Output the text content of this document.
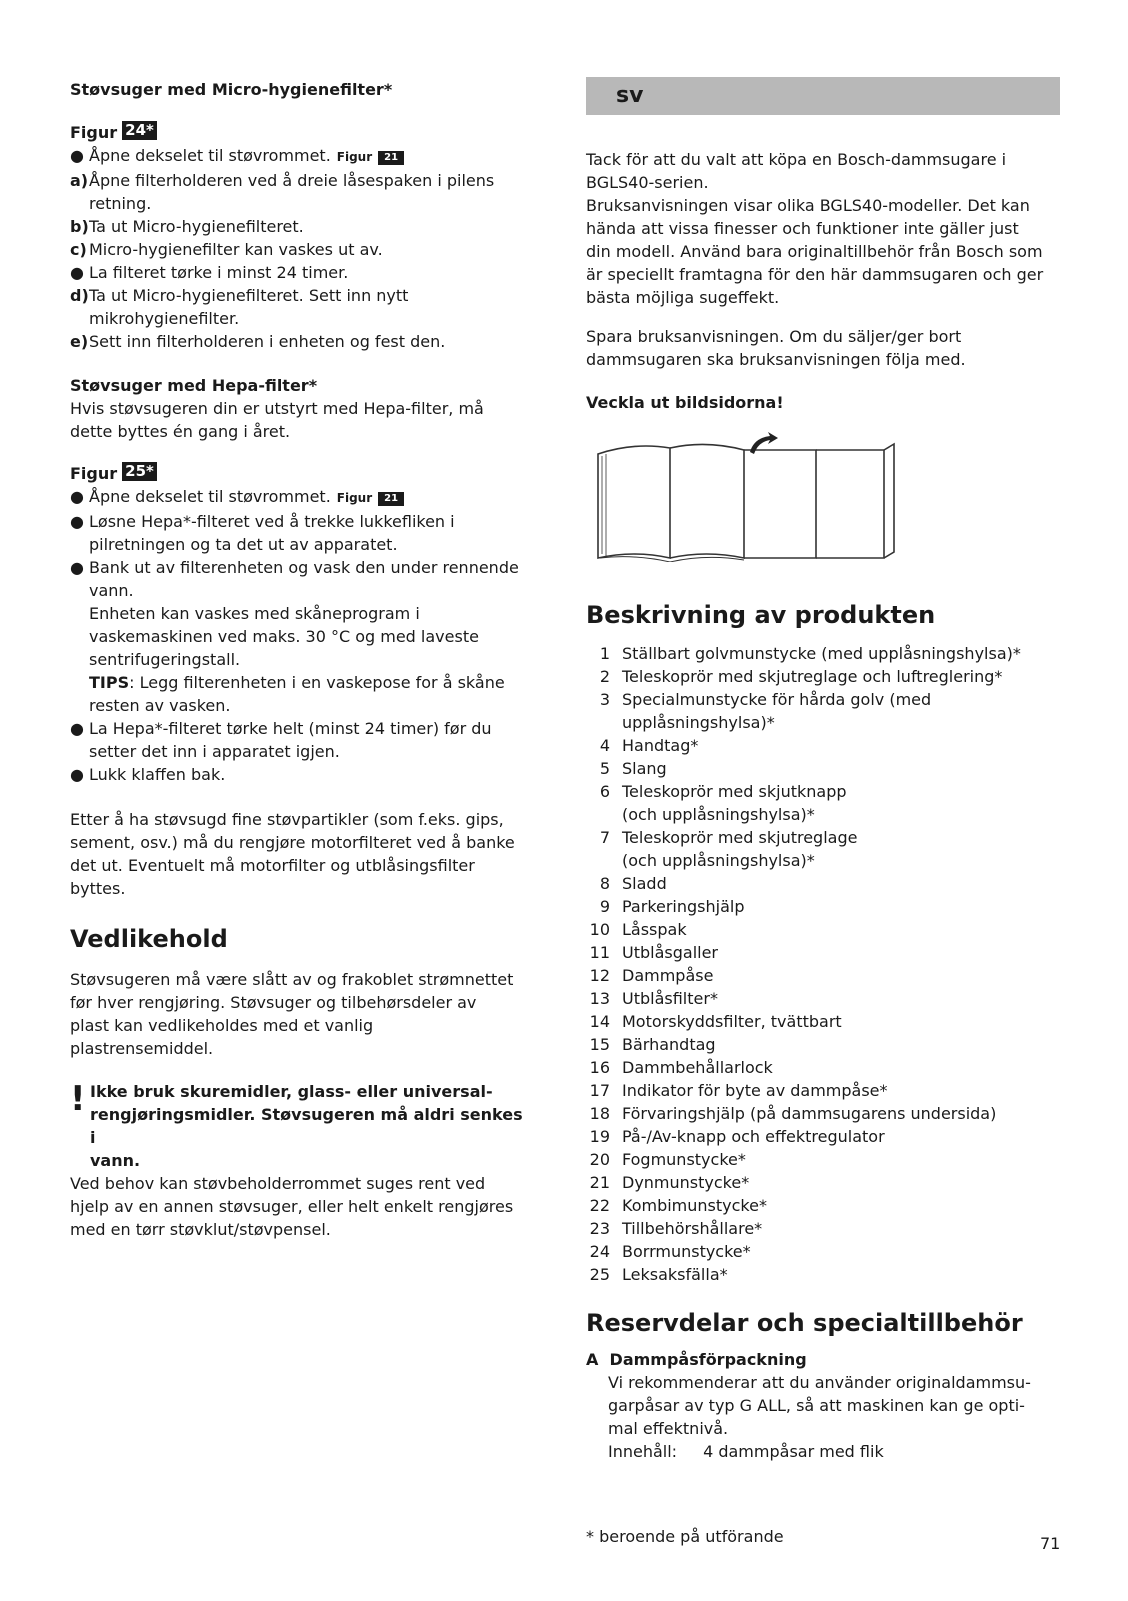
Støvsuger med Micro-hygienefilter*
Figur 24*
● Åpne dekselet til støvrommet. Figur 21
a) Åpne filterholderen ved å dreie låsespaken i pilens
retning.
b) Ta ut Micro-hygienefilteret.
c) Micro-hygienefilter kan vaskes ut av.
● La filteret tørke i minst 24 timer.
d) Ta ut Micro-hygienefilteret. Sett inn nytt
mikrohygienefilter.
e) Sett inn filterholderen i enheten og fest den.
Støvsuger med Hepa-filter*

Hvis støvsugeren din er utstyrt med Hepa-filter, må

dette byttes én gang i året.

Figur 25*
● Åpne dekselet til støvrommet. Figur 21
● Løsne Hepa*-filteret ved å trekke lukkefliken i
pilretningen og ta det ut av apparatet.
● Bank ut av filterenheten og vask den under rennende
vann.
Enheten kan vaskes med skåneprogram i
vaskemaskinen ved maks. 30 °C og med laveste
sentrifugeringstall.
TIPS: Legg filterenheten i en vaskepose for å skåne
resten av vasken.
● La Hepa*-filteret tørke helt (minst 24 timer) før du
setter det inn i apparatet igjen.
● Lukk klaffen bak.

Etter å ha støvsugd fine støvpartikler (som f.eks. gips,

sement, osv.) må du rengjøre motorfilteret ved å banke

det ut. Eventuelt må motorfilter og utblåsingsfilter

byttes.

Vedlikehold

Støvsugeren må være slått av og frakoblet strømnettet

før hver rengjøring. Støvsuger og tilbehørsdeler av

plast kan vedlikeholdes med et vanlig

plastrensemiddel.

! Ikke bruk skuremidler, glass- eller universal-
rengjøringsmidler. Støvsugeren må aldri senkes i
vann.

Ved behov kan støvbeholderrommet suges rent ved

hjelp av en annen støvsuger, eller helt enkelt rengjøres

med en tørr støvklut/støvpensel.

sv

Tack för att du valt att köpa en Bosch-dammsugare i

BGLS40-serien.

Bruksanvisningen visar olika BGLS40-modeller. Det kan

hända att vissa finesser och funktioner inte gäller just

din modell. Använd bara originaltillbehör från Bosch som

är speciellt framtagna för den här dammsugaren och ger

bästa möjliga sugeffekt.

Spara bruksanvisningen. Om du säljer/ger bort

dammsugaren ska bruksanvisningen följa med.

Veckla ut bildsidorna!
Beskrivning av produkten
1 Ställbart golvmunstycke (med upplåsningshylsa)*
2 Teleskoprör med skjutreglage och luftreglering*
3 Specialmunstycke för hårda golv (med
upplåsningshylsa)*
4 Handtag*
5 Slang
6 Teleskoprör med skjutknapp
(och upplåsningshylsa)*
7 Teleskoprör med skjutreglage
(och upplåsningshylsa)*
8 Sladd
9 Parkeringshjälp
10 Låsspak
11 Utblåsgaller
12 Dammpåse
13 Utblåsfilter*
14 Motorskyddsfilter, tvättbart
15 Bärhandtag
16 Dammbehållarlock
17 Indikator för byte av dammpåse*
18 Förvaringshjälp (på dammsugarens undersida)
19 På-/Av-knapp och effektregulator
20 Fogmunstycke*
21 Dynmunstycke*
22 Kombimunstycke*
23 Tillbehörshållare*
24 Borrmunstycke*
25 Leksaksfälla*
Reservdelar och specialtillbehör
A Dammpåsförpackning

Vi rekommenderar att du använder originaldammsu-

garpåsar av typ G ALL, så att maskinen kan ge opti-

mal effektnivå.

Innehåll: 4 dammpåsar med flik

* beroende på utförande	71
